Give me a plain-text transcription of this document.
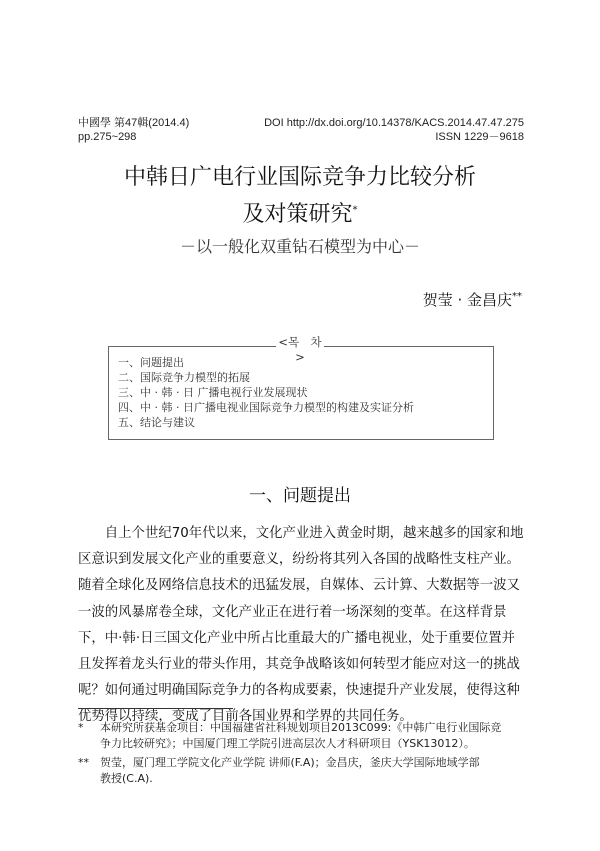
中國學 第47輯(2014.4)
pp.275~298
DOI http://dx.doi.org/10.14378/KACS.2014.47.47.275
ISSN 1229－9618
中韩日广电行业国际竞争力比较分析
及对策研究*
－以一般化双重钻石模型为中心－
贺莹 · 金昌庆**
<목　차>
一、问题提出
二、国际竞争力模型的拓展
三、中 · 韩 · 日 广播电视行业发展现状
四、中 · 韩 · 日广播电视业国际竞争力模型的构建及实证分析
五、结论与建议
一、问题提出
　　自上个世纪70年代以来，文化产业进入黄金时期，越来越多的国家和地
区意识到发展文化产业的重要意义，纷纷将其列入各国的战略性支柱产业。
随着全球化及网络信息技术的迅猛发展，自媒体、云计算、大数据等一波又
一波的风暴席卷全球，文化产业正在进行着一场深刻的变革。在这样背景
下，中·韩·日三国文化产业中所占比重最大的广播电视业，处于重要位置并
且发挥着龙头行业的带头作用，其竞争战略该如何转型才能应对这一的挑战
呢？如何通过明确国际竞争力的各构成要素，快速提升产业发展，使得这种
优势得以持续，变成了目前各国业界和学界的共同任务。
* 本研究所获基金项目：中国福建省社科规划项目2013C099:《中韩广电行业国际竞
争力比较研究》；中国厦门理工学院引进高层次人才科研项目（YSK13012）。
** 贺莹，厦门理工学院文化产业学院 讲师(F.A)；金昌庆，釜庆大学国际地域学部
教授(C.A).
